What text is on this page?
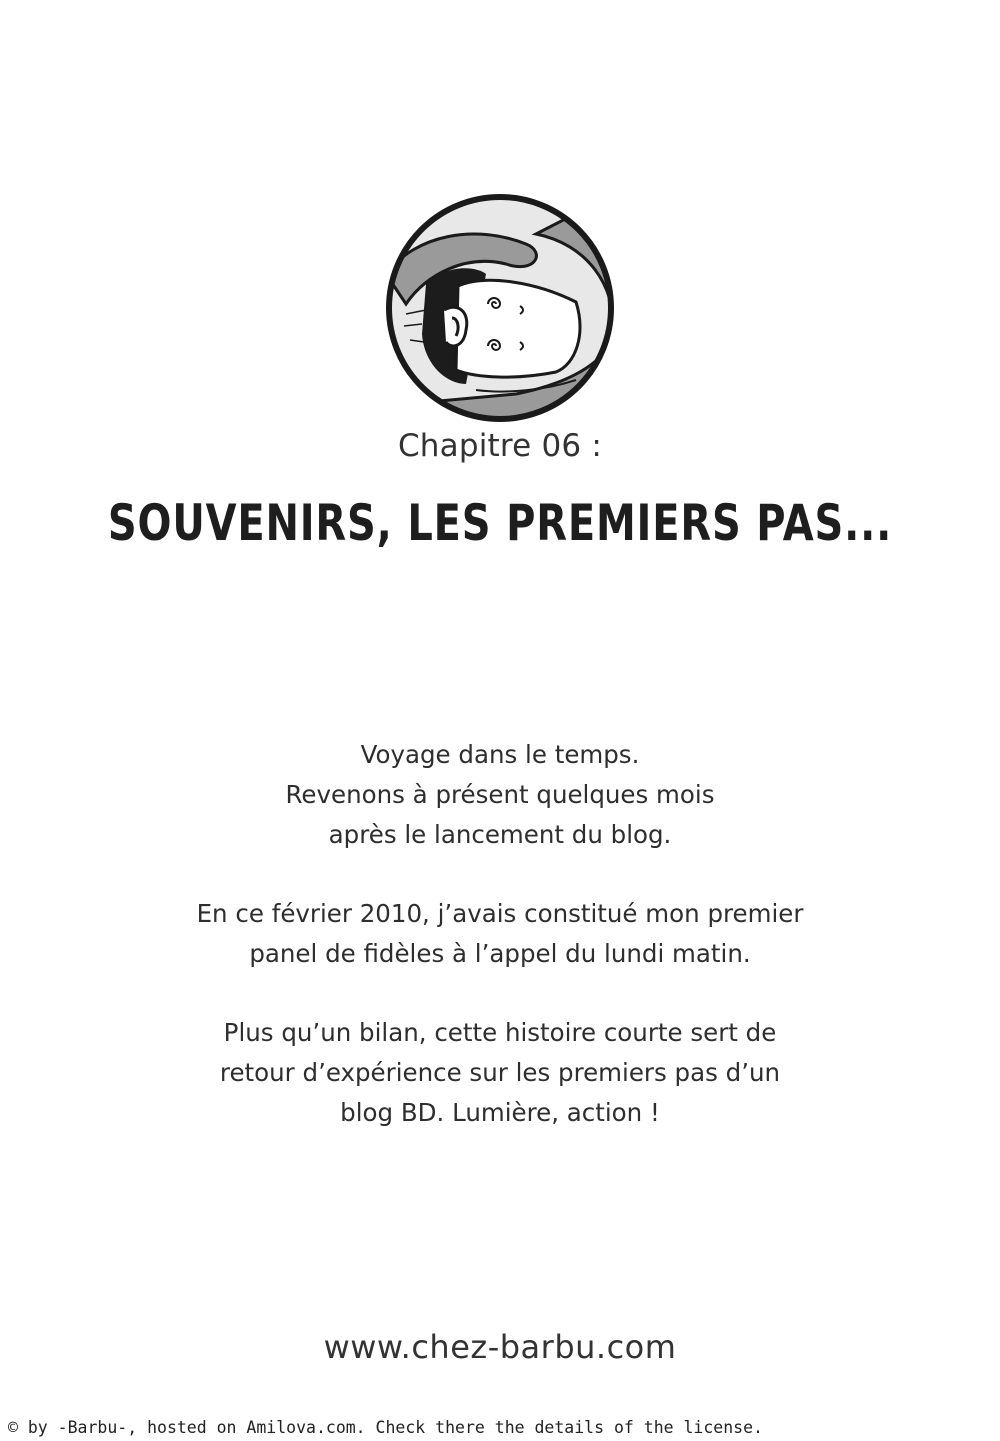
Chapitre 06 :
SOUVENIRS, LES PREMIERS PAS...
Voyage dans le temps.
Revenons à présent quelques mois
après le lancement du blog.
En ce février 2010, j’avais constitué mon premier
panel de fidèles à l’appel du lundi matin.
Plus qu’un bilan, cette histoire courte sert de
retour d’expérience sur les premiers pas d’un
blog BD. Lumière, action !
www.chez-barbu.com
© by -Barbu-, hosted on Amilova.com. Check there the details of the license.
